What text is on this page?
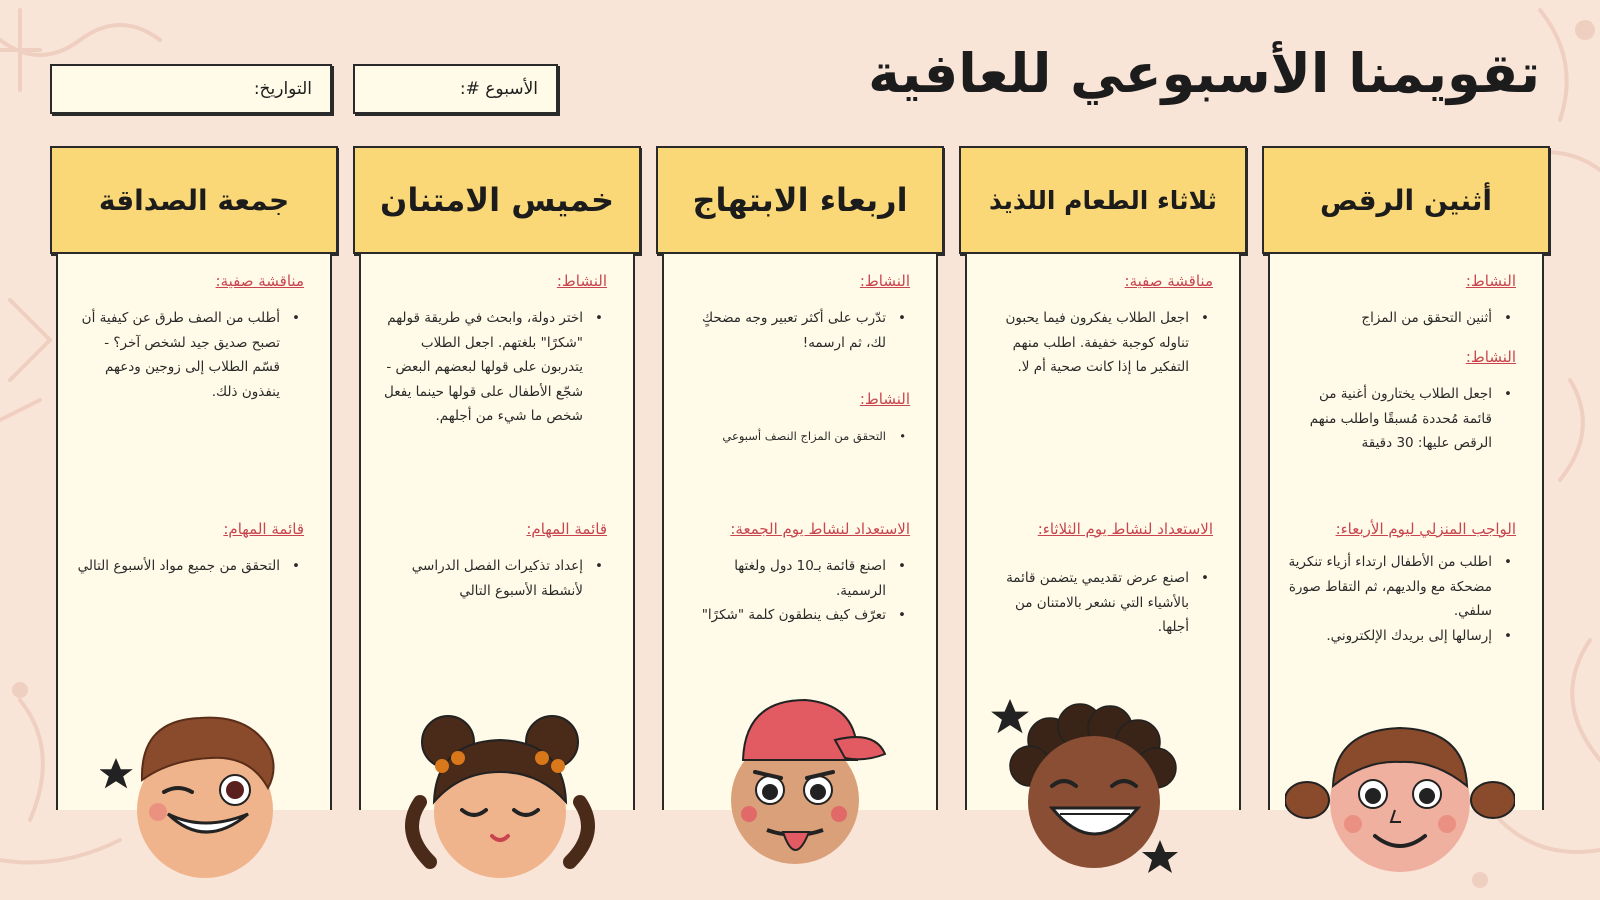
تقويمنا الأسبوعي للعافية
الأسبوع #:
التواريخ:
أثنين الرقص

النشاط:

• أثنين التحقق من المزاج

النشاط:

• اجعل الطلاب يختارون أغنية من قائمة مُحددة مُسبقًا واطلب منهم الرقص عليها: 30 دقيقة

الواجب المنزلي ليوم الأربعاء:

• اطلب من الأطفال ارتداء أزياء تنكرية مضحكة مع والديهم، ثم التقاط صورة سلفي.
• إرسالها إلى بريدك الإلكتروني.
ثلاثاء الطعام اللذيذ

مناقشة صفية:

• اجعل الطلاب يفكرون فيما يحبون تناوله كوجبة خفيفة. اطلب منهم التفكير ما إذا كانت صحية أم لا.

الاستعداد لنشاط يوم الثلاثاء:

• اصنع عرض تقديمي يتضمن قائمة بالأشياء التي نشعر بالامتنان من أجلها.
اربعاء الابتهاج

النشاط:

• تدّرب على أكثر تعبير وجه مضحكٍ لك، ثم ارسمه!

النشاط:

• التحقق من المزاج النصف أسبوعي

الاستعداد لنشاط يوم الجمعة:

• اصنع قائمة بـ10 دول ولغتها الرسمية.
• تعرّف كيف ينطقون كلمة "شكرًا"
خميس الامتنان

النشاط:

• اختر دولة، وابحث في طريقة قولهم "شكرًا" بلغتهم. اجعل الطلاب يتدربون على قولها لبعضهم البعض - شجّع الأطفال على قولها حينما يفعل شخص ما شيء من أجلهم.

قائمة المهام:

• إعداد تذكيرات الفصل الدراسي لأنشطة الأسبوع التالي
جمعة الصداقة

مناقشة صفية:

• أطلب من الصف طرق عن كيفية أن تصبح صديق جيد لشخص آخر؟ - قسّم الطلاب إلى زوجين ودعهم ينفذون ذلك.

قائمة المهام:

• التحقق من جميع مواد الأسبوع التالي
